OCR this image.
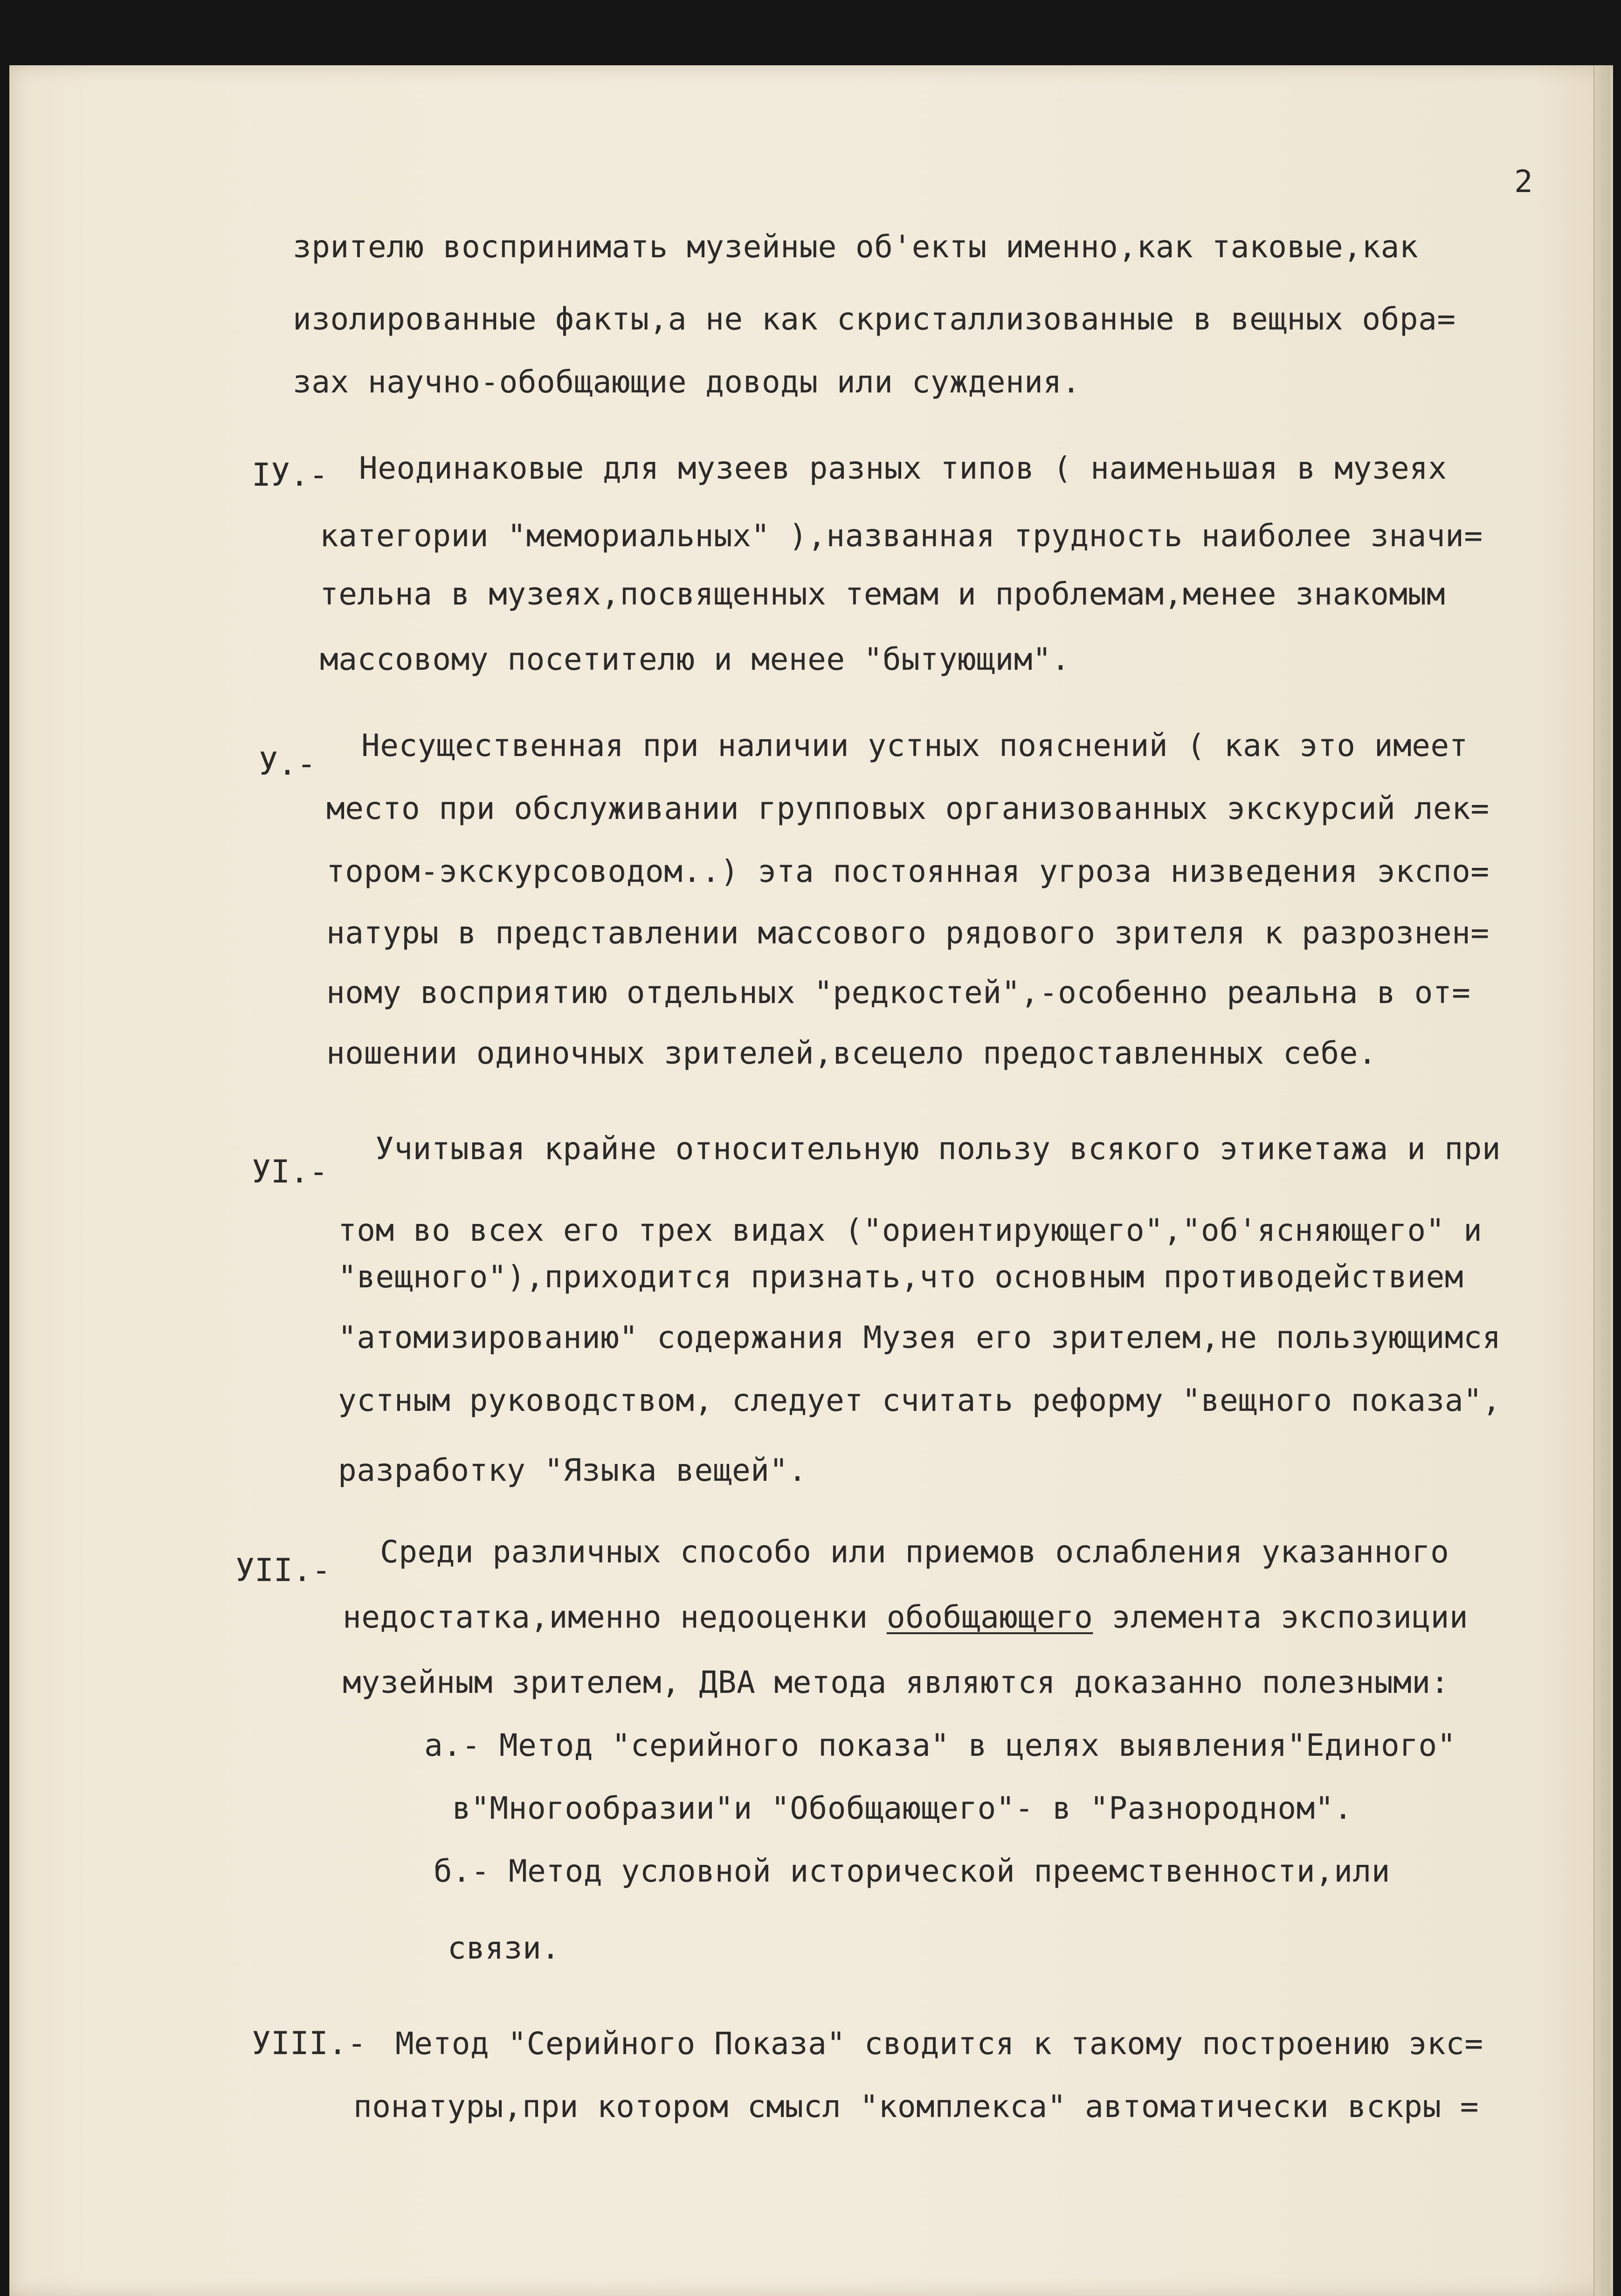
2
зрителю воспринимать музейные об'екты именно,как таковые,как
изолированные факты,а не как скристаллизованные в вещных обра=
зах научно-обобщающие доводы или суждения.
IУ.- Неодинаковые для музеев разных типов ( наименьшая в музеях
категории "мемориальных" ),названная трудность наиболее значи=
тельна в музеях,посвященных темам и проблемам,менее знакомым
массовому посетителю и менее "бытующим".
У.-
Несущественная при наличии устных пояснений ( как это имеет
место при обслуживании групповых организованных экскурсий лек=
тором-экскурсоводом..) эта постоянная угроза низведения экспо=
натуры в представлении массового рядового зрителя к разрознен=
ному восприятию отдельных "редкостей",-особенно реальна в от=
ношении одиночных зрителей,всецело предоставленных себе.
УI.-
Учитывая крайне относительную пользу всякого этикетажа и при
том во всех его трех видах ("ориентирующего","об'ясняющего" и
"вещного"),приходится признать,что основным противодействием
"атомизированию" содержания Музея его зрителем,не пользующимся
устным руководством, следует считать реформу "вещного показа",
разработку "Языка вещей".
УII.-
Среди различных способо или приемов ослабления указанного
недостатка,именно недооценки обобщающего элемента экспозиции
музейным зрителем, ДВА метода являются доказанно полезными:
а.- Метод "серийного показа" в целях выявления"Единого"
в"Многообразии"и "Обобщающего"- в "Разнородном".
б.- Метод условной исторической преемственности,или
связи.
УIII.- Метод "Серийного Показа" сводится к такому построению экс=
понатуры,при котором смысл "комплекса" автоматически вскры =
